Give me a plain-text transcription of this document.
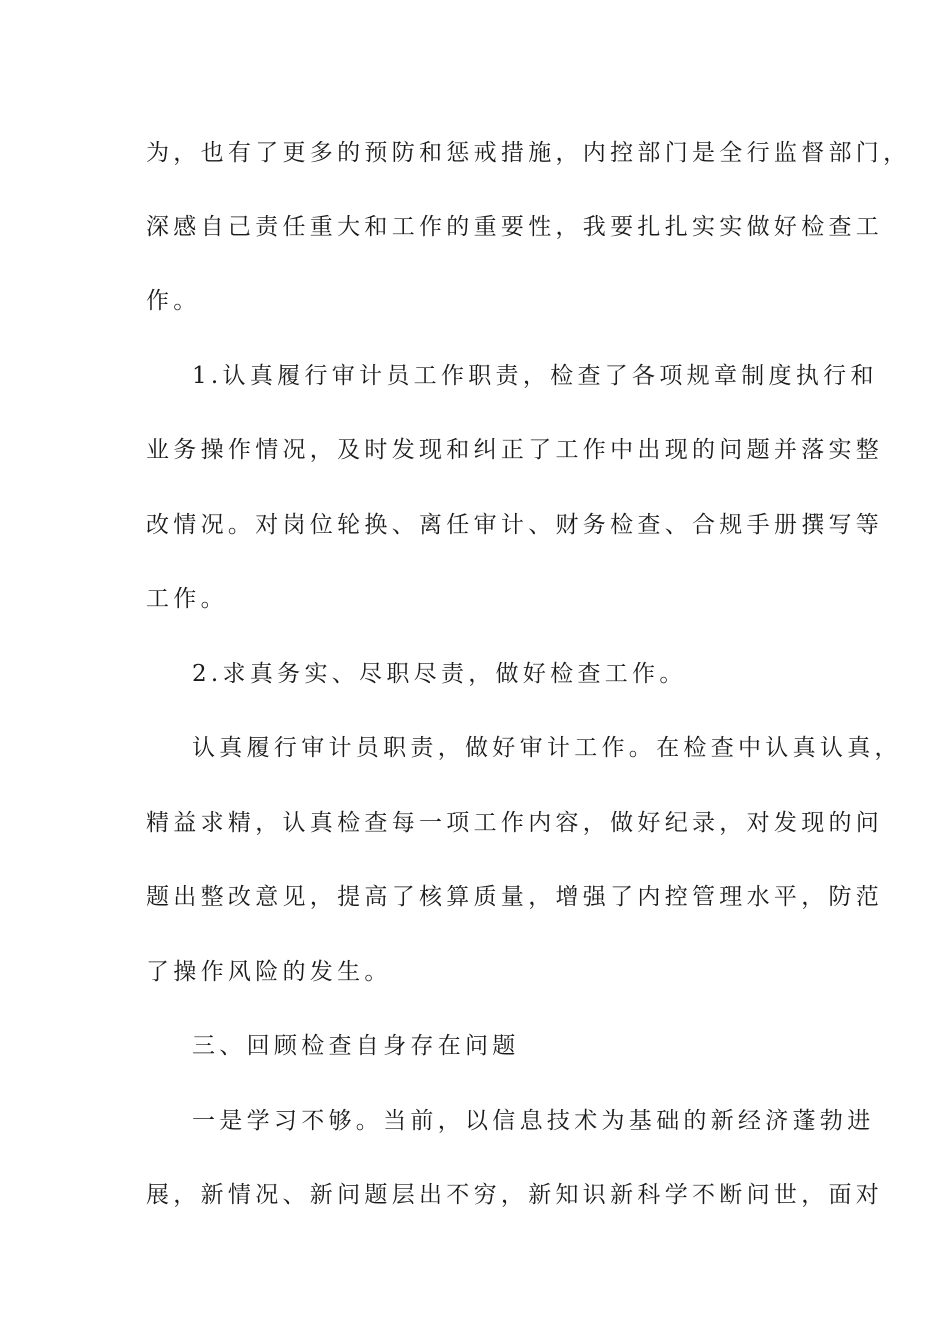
为，也有了更多的预防和惩戒措施，内控部门是全行监督部门，
深感自己责任重大和工作的重要性，我要扎扎实实做好检查工
作。
1.认真履行审计员工作职责，检查了各项规章制度执行和
业务操作情况，及时发现和纠正了工作中出现的问题并落实整
改情况。对岗位轮换、离任审计、财务检查、合规手册撰写等
工作。
2.求真务实、尽职尽责，做好检查工作。
认真履行审计员职责，做好审计工作。在检查中认真认真，
精益求精，认真检查每一项工作内容，做好纪录，对发现的问
题出整改意见，提高了核算质量，增强了内控管理水平，防范
了操作风险的发生。
三、回顾检查自身存在问题
一是学习不够。当前，以信息技术为基础的新经济蓬勃进
展，新情况、新问题层出不穷，新知识新科学不断问世，面对
